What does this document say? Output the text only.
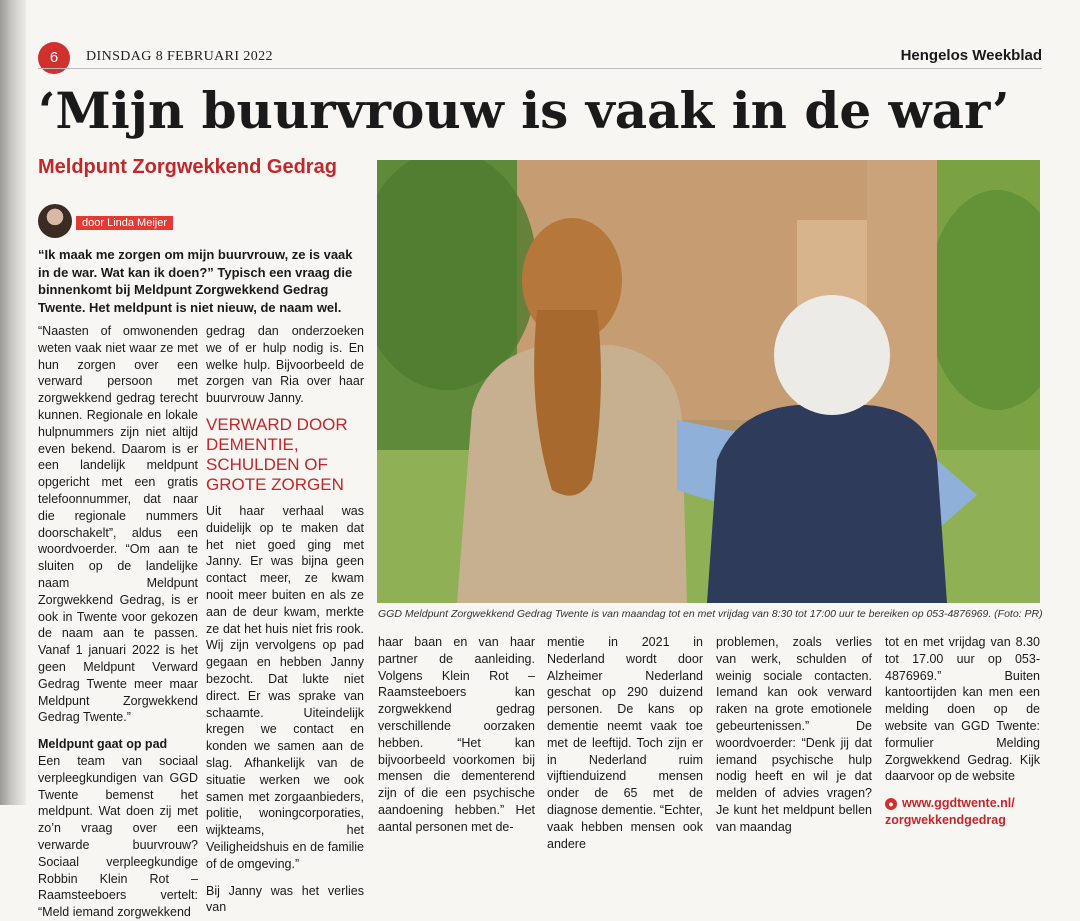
6	DINSDAG 8 FEBRUARI 2022	Hengelos Weekblad
‘Mijn buurvrouw is vaak in de war’
Meldpunt Zorgwekkend Gedrag
door Linda Meijer

“Ik maak me zorgen om mijn buurvrouw, ze is vaak in de war. Wat kan ik doen?” Typisch een vraag die binnenkomt bij Meldpunt Zorgwekkend Gedrag Twente. Het meldpunt is niet nieuw, de naam wel.

“Naasten of omwonenden weten vaak niet waar ze met hun zorgen over een verward persoon met zorgwekkend gedrag terecht kunnen. Regionale en lokale hulpnummers zijn niet altijd even bekend. Daarom is er een landelijk meldpunt opgericht met een gratis telefoonnummer, dat naar die regionale nummers doorschakelt”, aldus een woordvoerder. “Om aan te sluiten op de landelijke naam Meldpunt Zorgwekkend Gedrag, is er ook in Twente voor gekozen de naam aan te passen. Vanaf 1 januari 2022 is het geen Meldpunt Verward Gedrag Twente meer maar Meldpunt Zorgwekkend Gedrag Twente.”

Meldpunt gaat op pad

Een team van sociaal verpleegkundigen van GGD Twente bemenst het meldpunt. Wat doen zij met zo’n vraag over een verwarde buurvrouw? Sociaal verpleegkundige Robbin Klein Rot – Raamsteeboers vertelt: “Meld iemand zorgwekkend

gedrag dan onderzoeken we of er hulp nodig is. En welke hulp. Bijvoorbeeld de zorgen van Ria over haar buurvrouw Janny.

VERWARD DOOR DEMENTIE, SCHULDEN OF GROTE ZORGEN

Uit haar verhaal was duidelijk op te maken dat het niet goed ging met Janny. Er was bijna geen contact meer, ze kwam nooit meer buiten en als ze aan de deur kwam, merkte ze dat het huis niet fris rook. Wij zijn vervolgens op pad gegaan en hebben Janny bezocht. Dat lukte niet direct. Er was sprake van schaamte. Uiteindelijk kregen we contact en konden we samen aan de slag. Afhankelijk van de situatie werken we ook samen met zorgaanbieders, politie, woningcorporaties, wijkteams, het Veiligheidshuis en de familie of de omgeving.”

Bij Janny was het verlies van

GGD Meldpunt Zorgwekkend Gedrag Twente is van maandag tot en met vrijdag van 8:30 tot 17:00 uur te bereiken op 053-4876969. (Foto: PR)

haar baan en van haar partner de aanleiding. Volgens Klein Rot – Raamsteeboers kan zorgwekkend gedrag verschillende oorzaken hebben. “Het kan bijvoorbeeld voorkomen bij mensen die dementerend zijn of die een psychische aandoening hebben.” Het aantal personen met de-

mentie in 2021 in Nederland wordt door Alzheimer Nederland geschat op 290 duizend personen. De kans op dementie neemt vaak toe met de leeftijd. Toch zijn er in Nederland ruim vijftienduizend mensen onder de 65 met de diagnose dementie. “Echter, vaak hebben mensen ook andere

problemen, zoals verlies van werk, schulden of weinig sociale contacten. Iemand kan ook verward raken na grote emotionele gebeurtenissen.” De woordvoerder: “Denk jij dat iemand psychische hulp nodig heeft en wil je dat melden of advies vragen? Je kunt het meldpunt bellen van maandag

tot en met vrijdag van 8.30 tot 17.00 uur op 053-4876969.” Buiten kantoortijden kan men een melding doen op de website van GGD Twente: formulier Melding Zorgwekkend Gedrag. Kijk daarvoor op de website

● www.ggdtwente.nl/
zorgwekkendgedrag
